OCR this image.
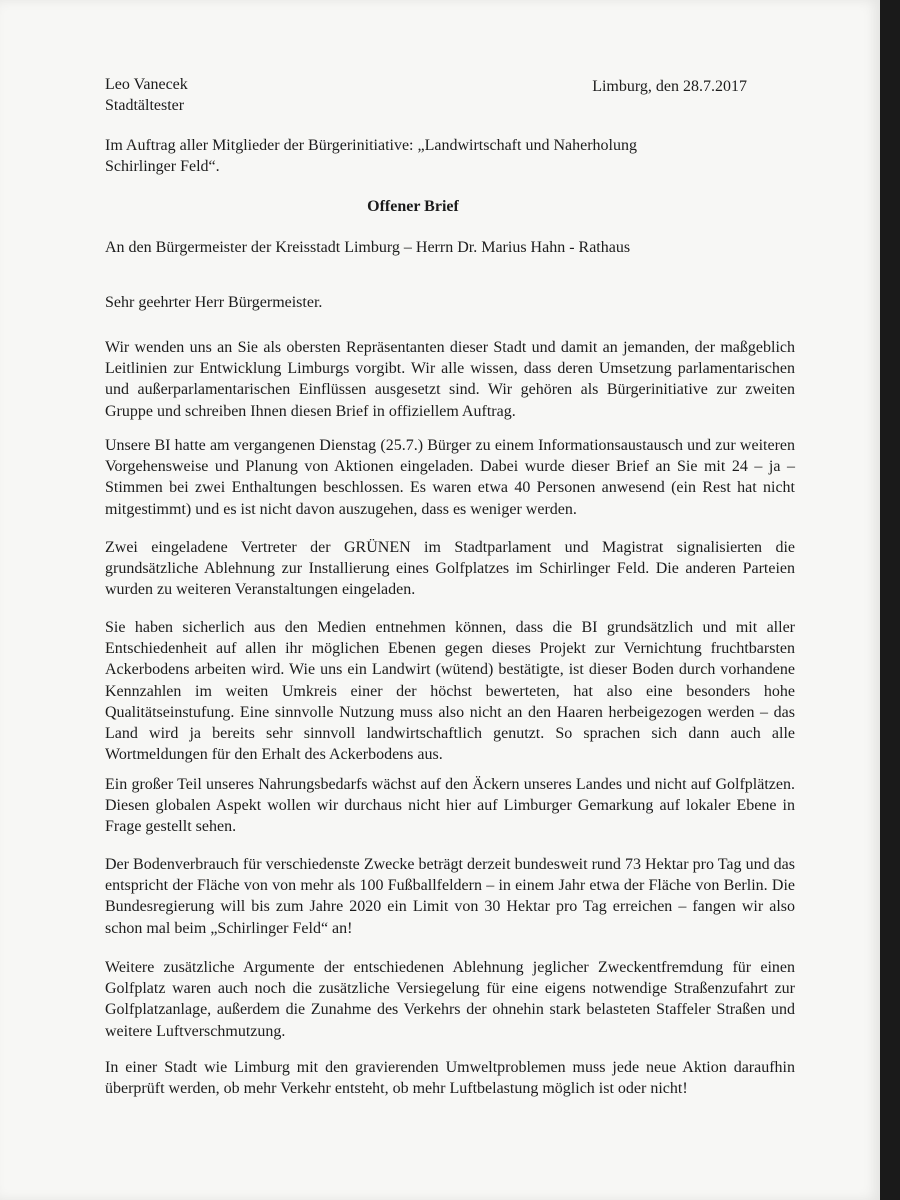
Leo Vanecek
Stadtältester
Limburg, den 28.7.2017

Im Auftrag aller Mitglieder der Bürgerinitiative: „Landwirtschaft und Naherholung Schirlinger Feld“.

Offener Brief

An den Bürgermeister der Kreisstadt Limburg – Herrn Dr. Marius Hahn - Rathaus

Sehr geehrter Herr Bürgermeister.

Wir wenden uns an Sie als obersten Repräsentanten dieser Stadt und damit an jemanden, der maßgeblich Leitlinien zur Entwicklung Limburgs vorgibt. Wir alle wissen, dass deren Umsetzung parlamentarischen und außerparlamentarischen Einflüssen ausgesetzt sind. Wir gehören als Bürgerinitiative zur zweiten Gruppe und schreiben Ihnen diesen Brief in offiziellem Auftrag.

Unsere BI hatte am vergangenen Dienstag (25.7.) Bürger zu einem Informationsaustausch und zur weiteren Vorgehensweise und Planung von Aktionen eingeladen. Dabei wurde dieser Brief an Sie mit 24 – ja – Stimmen bei zwei Enthaltungen beschlossen. Es waren etwa 40 Personen anwesend (ein Rest hat nicht mitgestimmt) und es ist nicht davon auszugehen, dass es weniger werden.

Zwei eingeladene Vertreter der GRÜNEN im Stadtparlament und Magistrat signalisierten die grundsätzliche Ablehnung zur Installierung eines Golfplatzes im Schirlinger Feld. Die anderen Parteien wurden zu weiteren Veranstaltungen eingeladen.

Sie haben sicherlich aus den Medien entnehmen können, dass die BI grundsätzlich und mit aller Entschiedenheit auf allen ihr möglichen Ebenen gegen dieses Projekt zur Vernichtung fruchtbarsten Ackerbodens arbeiten wird. Wie uns ein Landwirt (wütend) bestätigte, ist dieser Boden durch vorhandene Kennzahlen im weiten Umkreis einer der höchst bewerteten, hat also eine besonders hohe Qualitätseinstufung. Eine sinnvolle Nutzung muss also nicht an den Haaren herbeigezogen werden – das Land wird ja bereits sehr sinnvoll landwirtschaftlich genutzt. So sprachen sich dann auch alle Wortmeldungen für den Erhalt des Ackerbodens aus.

Ein großer Teil unseres Nahrungsbedarfs wächst auf den Äckern unseres Landes und nicht auf Golfplätzen. Diesen globalen Aspekt wollen wir durchaus nicht hier auf Limburger Gemarkung auf lokaler Ebene in Frage gestellt sehen.

Der Bodenverbrauch für verschiedenste Zwecke beträgt derzeit bundesweit rund 73 Hektar pro Tag und das entspricht der Fläche von von mehr als 100 Fußballfeldern – in einem Jahr etwa der Fläche von Berlin. Die Bundesregierung will bis zum Jahre 2020 ein Limit von 30 Hektar pro Tag erreichen – fangen wir also schon mal beim „Schirlinger Feld“ an!

Weitere zusätzliche Argumente der entschiedenen Ablehnung jeglicher Zweckentfremdung für einen Golfplatz waren auch noch die zusätzliche Versiegelung für eine eigens notwendige Straßenzufahrt zur Golfplatzanlage, außerdem die Zunahme des Verkehrs der ohnehin stark belasteten Staffeler Straßen und weitere Luftverschmutzung.

In einer Stadt wie Limburg mit den gravierenden Umweltproblemen muss jede neue Aktion daraufhin überprüft werden, ob mehr Verkehr entsteht, ob mehr Luftbelastung möglich ist oder nicht!
